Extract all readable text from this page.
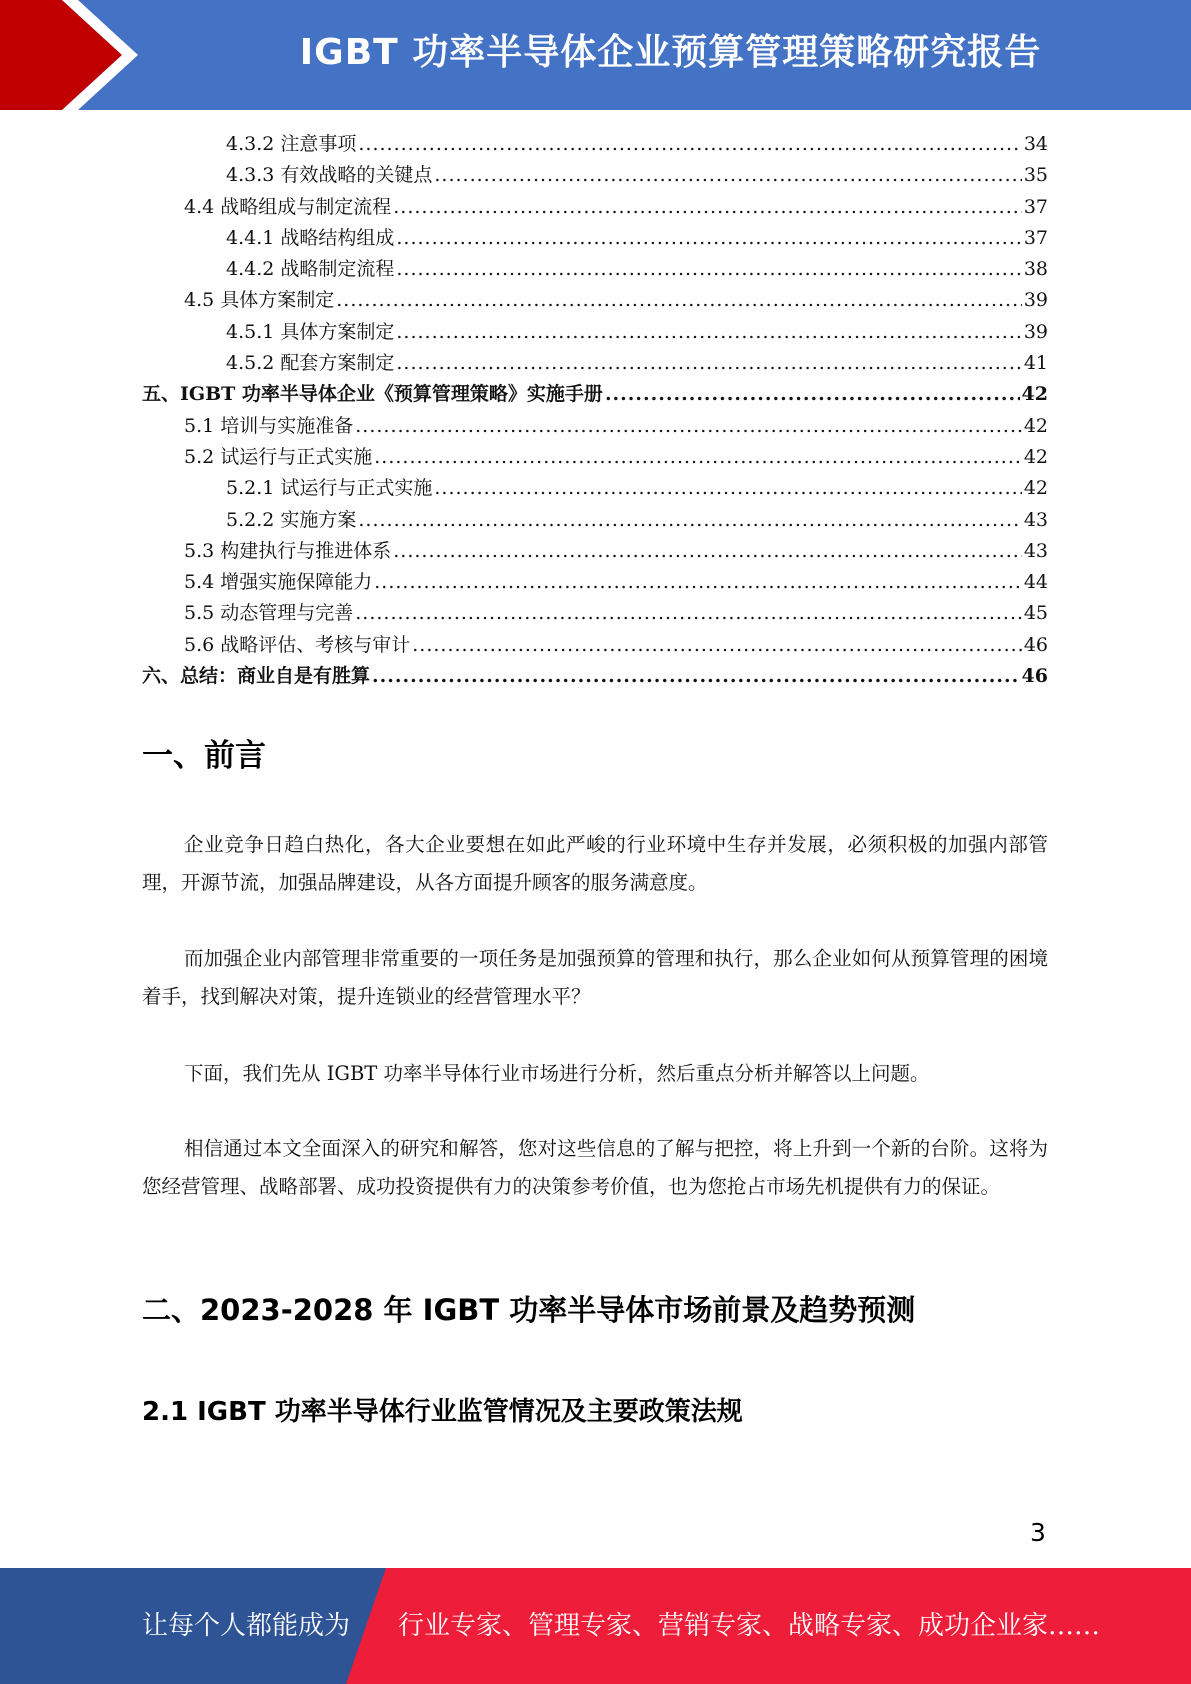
IGBT 功率半导体企业预算管理策略研究报告
4.3.2 注意事项 .....	34
4.3.3 有效战略的关键点 .....	35
4.4 战略组成与制定流程 .....	37
4.4.1 战略结构组成 .....	37
4.4.2 战略制定流程 .....	38
4.5 具体方案制定 .....	39
4.5.1 具体方案制定 .....	39
4.5.2 配套方案制定 .....	41
五、IGBT 功率半导体企业《预算管理策略》实施手册 .....	42
5.1 培训与实施准备 .....	42
5.2 试运行与正式实施 .....	42
5.2.1 试运行与正式实施 .....	42
5.2.2 实施方案 .....	43
5.3 构建执行与推进体系 .....	43
5.4 增强实施保障能力 .....	44
5.5 动态管理与完善 .....	45
5.6 战略评估、考核与审计 .....	46
六、总结：商业自是有胜算 .....	46
一、前言

企业竞争日趋白热化，各大企业要想在如此严峻的行业环境中生存并发展，必须积极的加强内部管理，开源节流，加强品牌建设，从各方面提升顾客的服务满意度。

而加强企业内部管理非常重要的一项任务是加强预算的管理和执行，那么企业如何从预算管理的困境着手，找到解决对策，提升连锁业的经营管理水平？

下面，我们先从 IGBT 功率半导体行业市场进行分析，然后重点分析并解答以上问题。

相信通过本文全面深入的研究和解答，您对这些信息的了解与把控，将上升到一个新的台阶。这将为您经营管理、战略部署、成功投资提供有力的决策参考价值，也为您抢占市场先机提供有力的保证。

二、2023-2028 年 IGBT 功率半导体市场前景及趋势预测
2.1 IGBT 功率半导体行业监管情况及主要政策法规
3
让每个人都能成为 行业专家、管理专家、营销专家、战略专家、成功企业家……
